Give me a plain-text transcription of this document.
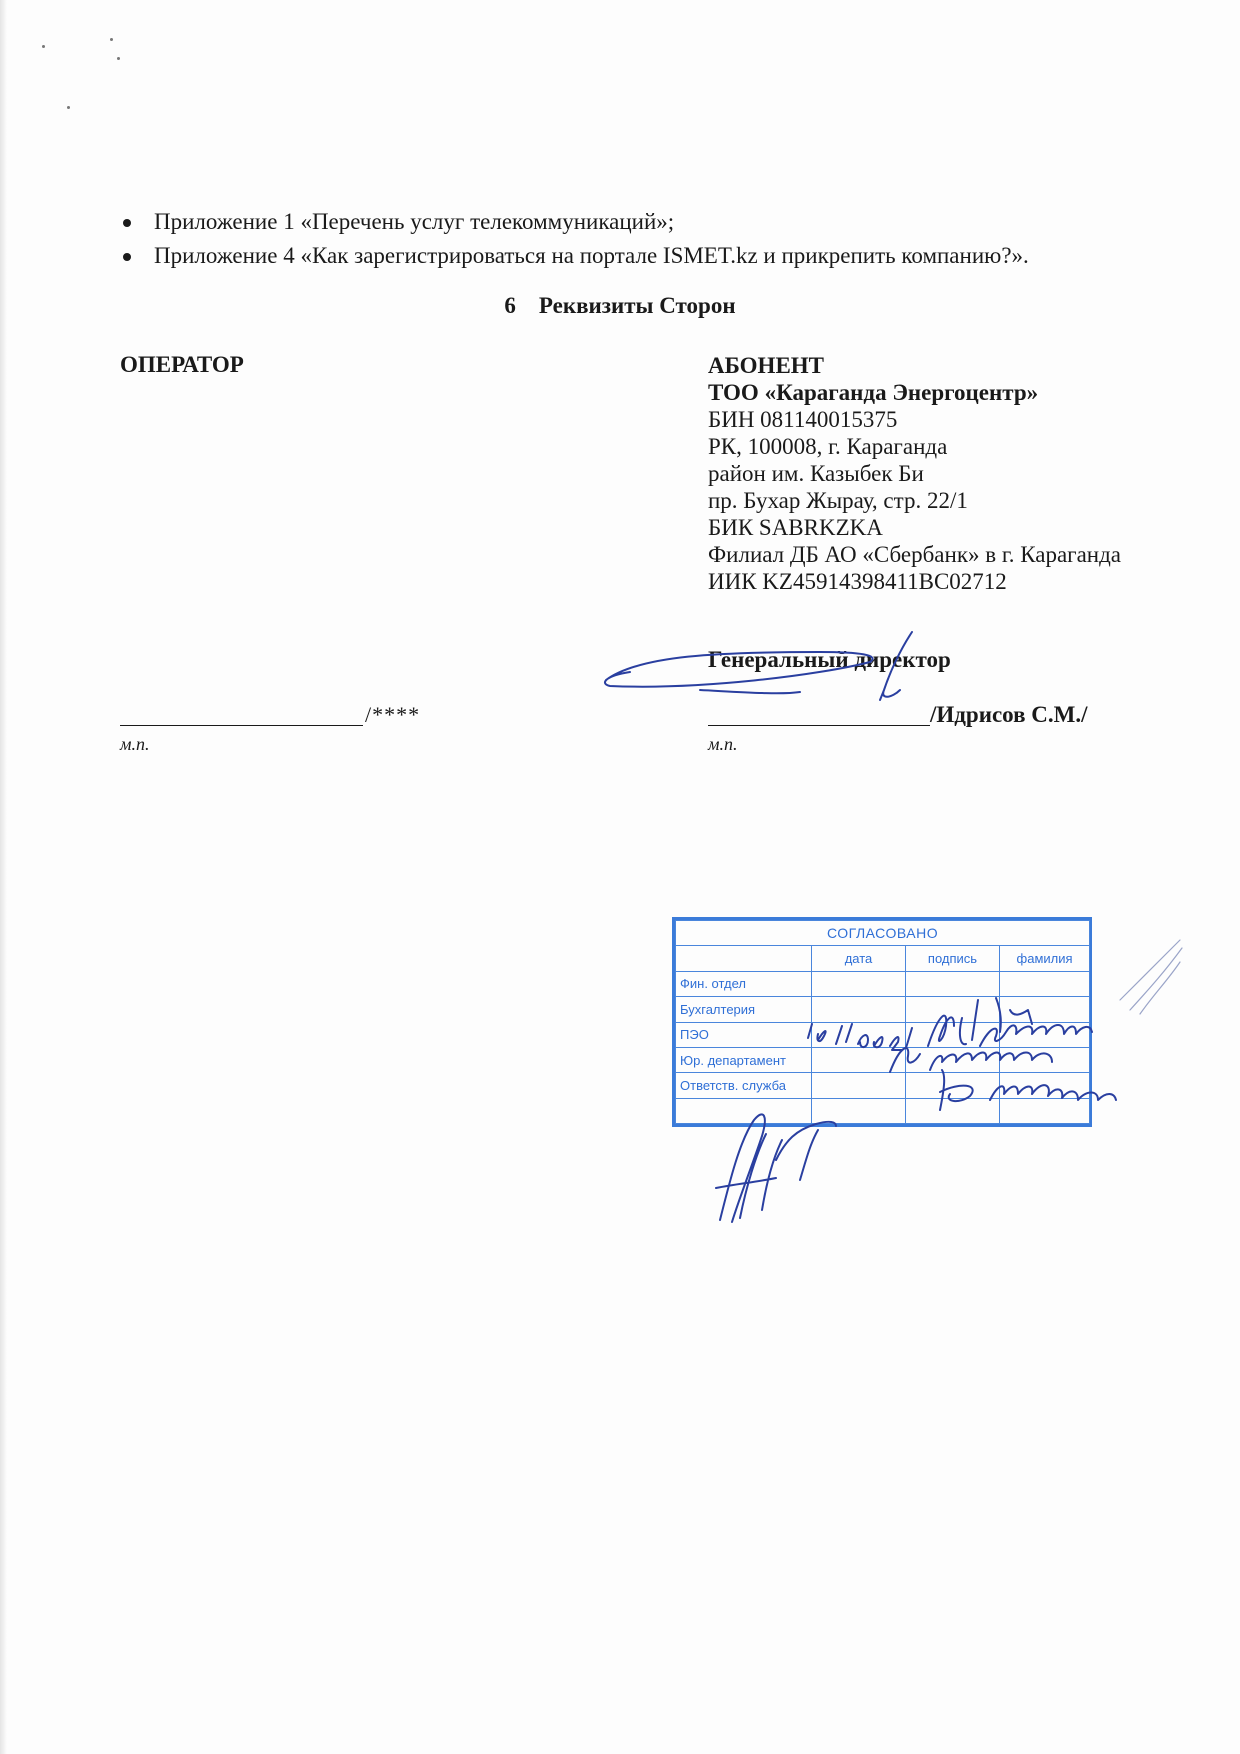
Приложение 1 «Перечень услуг телекоммуникаций»;
Приложение 4 «Как зарегистрироваться на портале ISMET.kz и прикрепить компанию?».
6 Реквизиты Сторон
ОПЕРАТОР	АБОНЕНТ
ТОО «Караганда Энергоцентр»
БИН 081140015375
РК, 100008, г. Караганда
район им. Казыбек Би
пр. Бухар Жырау, стр. 22/1
БИК SABRKZKA
Филиал ДБ АО «Сбербанк» в г. Караганда
ИИК KZ45914398411BC02712
Генеральный директор
/****
м.п.
/Идрисов С.М./
м.п.
СОГЛАСОВАНО			
	дата	подпись	фамилия
Фин. отдел			
Бухгалтерия			
ПЭО			
Юр. департамент			
Ответств. служба			
